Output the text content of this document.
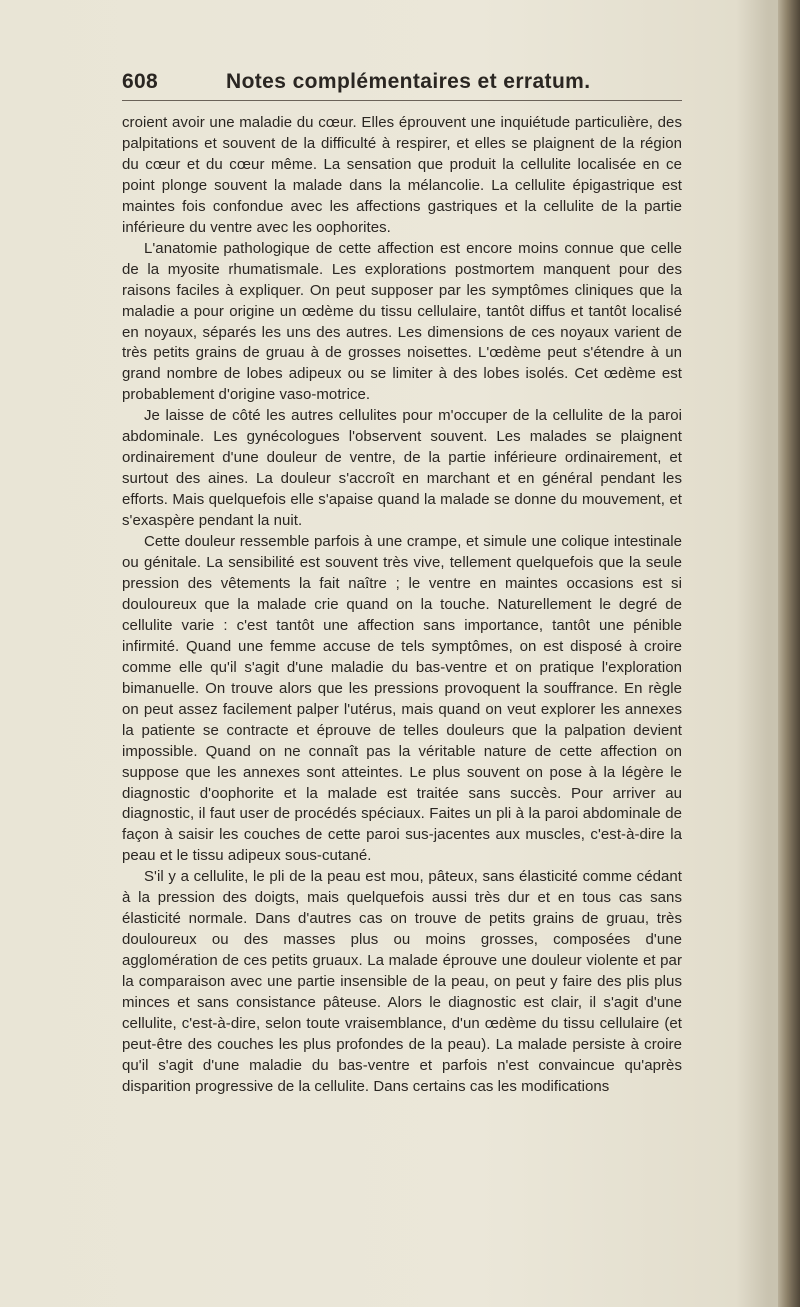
608	Notes complémentaires et erratum.

croient avoir une maladie du cœur. Elles éprouvent une inquiétude particulière, des palpitations et souvent de la difficulté à respirer, et elles se plaignent de la région du cœur et du cœur même. La sensation que produit la cellulite localisée en ce point plonge souvent la malade dans la mélancolie. La cellulite épigastrique est maintes fois confondue avec les affections gastriques et la cellulite de la partie inférieure du ventre avec les oophorites.

L'anatomie pathologique de cette affection est encore moins connue que celle de la myosite rhumatismale. Les explorations postmortem manquent pour des raisons faciles à expliquer. On peut supposer par les symptômes cliniques que la maladie a pour origine un œdème du tissu cellulaire, tantôt diffus et tantôt localisé en noyaux, séparés les uns des autres. Les dimensions de ces noyaux varient de très petits grains de gruau à de grosses noisettes. L'œdème peut s'étendre à un grand nombre de lobes adipeux ou se limiter à des lobes isolés. Cet œdème est probablement d'origine vaso-motrice.

Je laisse de côté les autres cellulites pour m'occuper de la cellulite de la paroi abdominale. Les gynécologues l'observent souvent. Les malades se plaignent ordinairement d'une douleur de ventre, de la partie inférieure ordinairement, et surtout des aines. La douleur s'accroît en marchant et en général pendant les efforts. Mais quelquefois elle s'apaise quand la malade se donne du mouvement, et s'exaspère pendant la nuit.

Cette douleur ressemble parfois à une crampe, et simule une colique intestinale ou génitale. La sensibilité est souvent très vive, tellement quelquefois que la seule pression des vêtements la fait naître ; le ventre en maintes occasions est si douloureux que la malade crie quand on la touche. Naturellement le degré de cellulite varie : c'est tantôt une affection sans importance, tantôt une pénible infirmité. Quand une femme accuse de tels symptômes, on est disposé à croire comme elle qu'il s'agit d'une maladie du bas-ventre et on pratique l'exploration bimanuelle. On trouve alors que les pressions provoquent la souffrance. En règle on peut assez facilement palper l'utérus, mais quand on veut explorer les annexes la patiente se contracte et éprouve de telles douleurs que la palpation devient impossible. Quand on ne connaît pas la véritable nature de cette affection on suppose que les annexes sont atteintes. Le plus souvent on pose à la légère le diagnostic d'oophorite et la malade est traitée sans succès. Pour arriver au diagnostic, il faut user de procédés spéciaux. Faites un pli à la paroi abdominale de façon à saisir les couches de cette paroi sus-jacentes aux muscles, c'est-à-dire la peau et le tissu adipeux sous-cutané.

S'il y a cellulite, le pli de la peau est mou, pâteux, sans élasticité comme cédant à la pression des doigts, mais quelquefois aussi très dur et en tous cas sans élasticité normale. Dans d'autres cas on trouve de petits grains de gruau, très douloureux ou des masses plus ou moins grosses, composées d'une agglomération de ces petits gruaux. La malade éprouve une douleur violente et par la comparaison avec une partie insensible de la peau, on peut y faire des plis plus minces et sans consistance pâteuse. Alors le diagnostic est clair, il s'agit d'une cellulite, c'est-à-dire, selon toute vraisemblance, d'un œdème du tissu cellulaire (et peut-être des couches les plus profondes de la peau). La malade persiste à croire qu'il s'agit d'une maladie du bas-ventre et parfois n'est convaincue qu'après disparition progressive de la cellulite. Dans certains cas les modifications
